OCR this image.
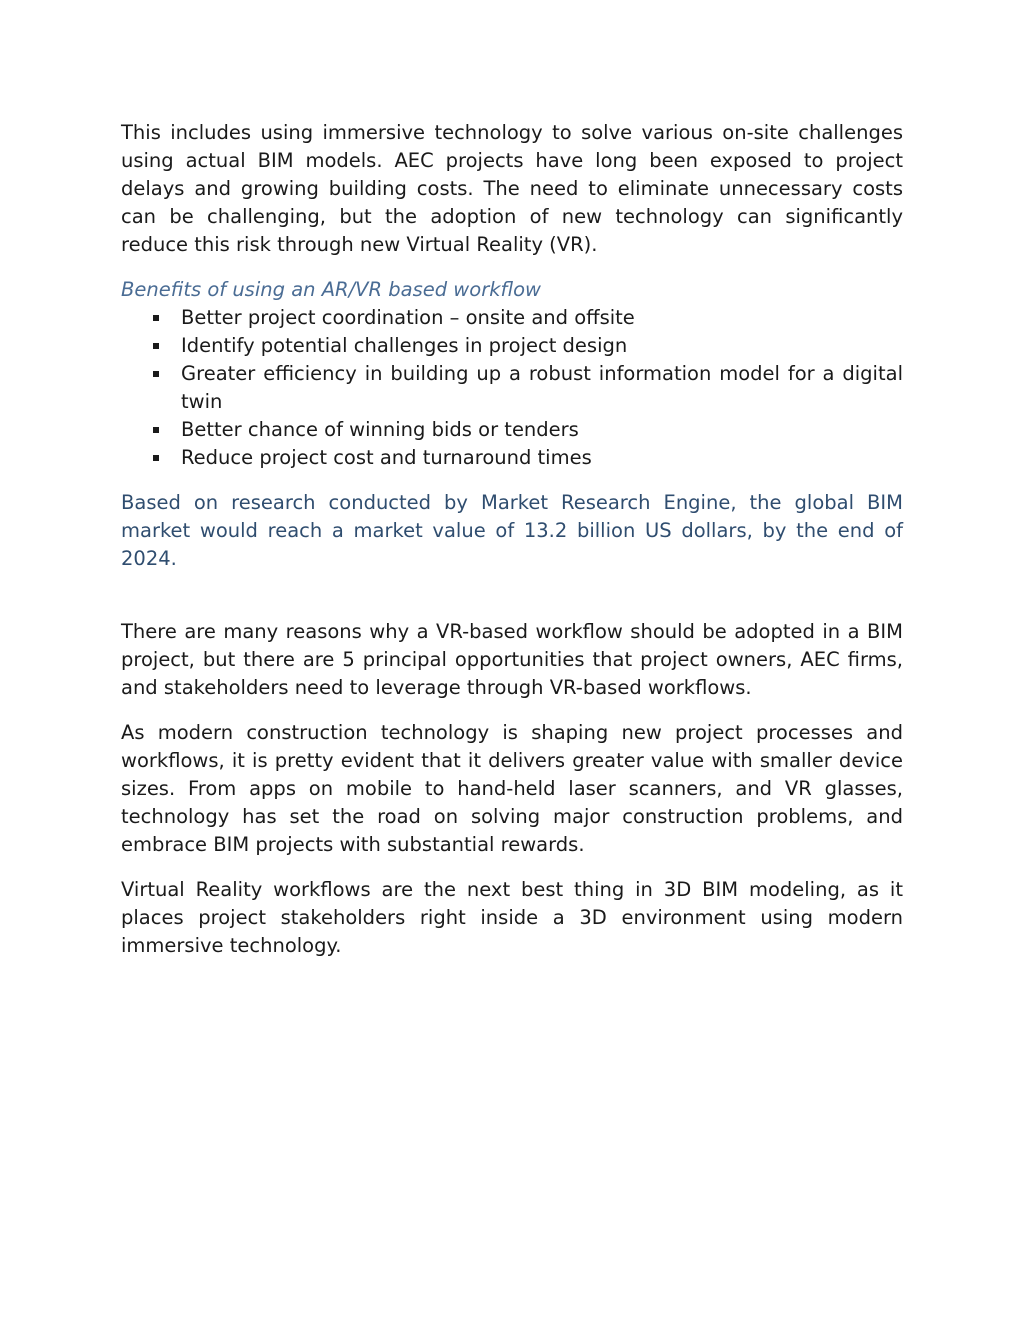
This includes using immersive technology to solve various on-site challenges using actual BIM models. AEC projects have long been exposed to project delays and growing building costs. The need to eliminate unnecessary costs can be challenging, but the adoption of new technology can significantly reduce this risk through new Virtual Reality (VR).

Benefits of using an AR/VR based workflow

Better project coordination – onsite and offsite
Identify potential challenges in project design
Greater efficiency in building up a robust information model for a digital twin
Better chance of winning bids or tenders
Reduce project cost and turnaround times

Based on research conducted by Market Research Engine, the global BIM market would reach a market value of 13.2 billion US dollars, by the end of 2024.

There are many reasons why a VR-based workflow should be adopted in a BIM project, but there are 5 principal opportunities that project owners, AEC firms, and stakeholders need to leverage through VR-based workflows.

As modern construction technology is shaping new project processes and workflows, it is pretty evident that it delivers greater value with smaller device sizes. From apps on mobile to hand-held laser scanners, and VR glasses, technology has set the road on solving major construction problems, and embrace BIM projects with substantial rewards.

Virtual Reality workflows are the next best thing in 3D BIM modeling, as it places project stakeholders right inside a 3D environment using modern immersive technology.
